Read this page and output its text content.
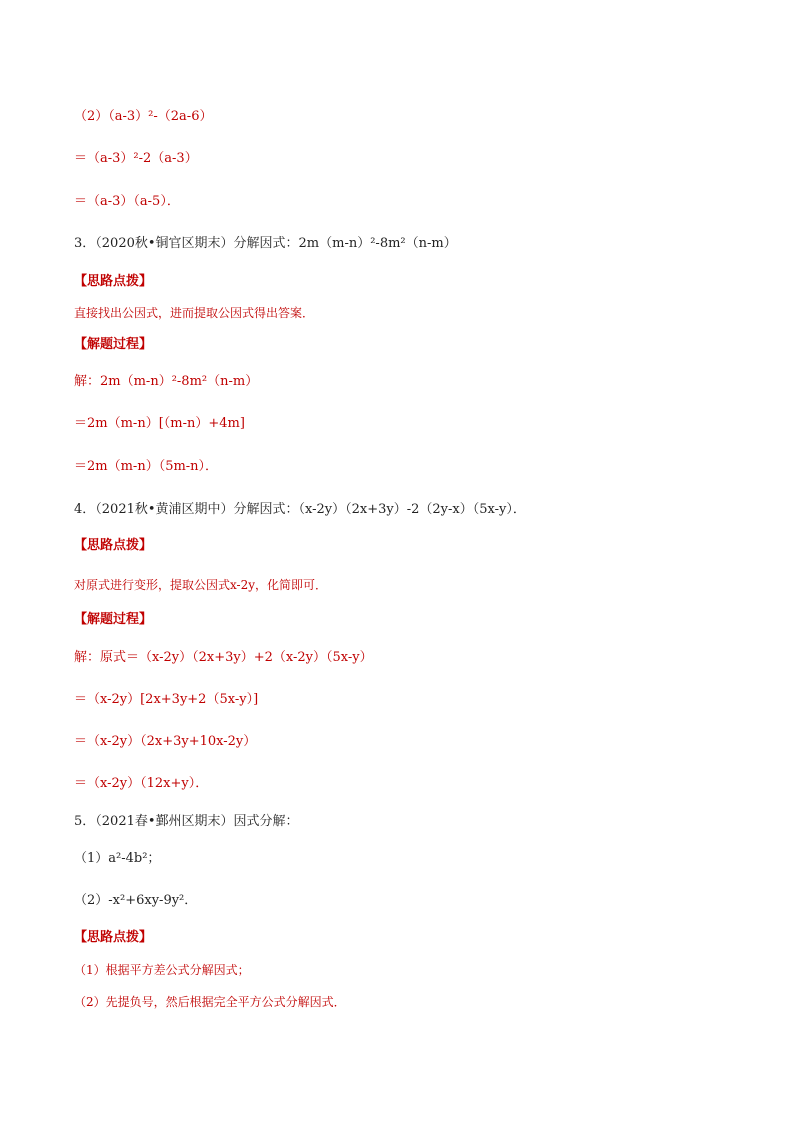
（2）（a-3）²-（2a-6）
＝（a-3）²-2（a-3）
＝（a-3）（a-5）．
3．（2020秋•铜官区期末）分解因式：2m（m-n）²-8m²（n-m）
【思路点拨】
直接找出公因式，进而提取公因式得出答案．
【解题过程】
解：2m（m-n）²-8m²（n-m）
＝2m（m-n）[（m-n）+4m]
＝2m（m-n）（5m-n）．
4．（2021秋•黄浦区期中）分解因式：（x-2y）（2x+3y）-2（2y-x）（5x-y）．
【思路点拨】
对原式进行变形，提取公因式x-2y，化简即可．
【解题过程】
解：原式＝（x-2y）（2x+3y）+2（x-2y）（5x-y）
＝（x-2y）[2x+3y+2（5x-y）]
＝（x-2y）（2x+3y+10x-2y）
＝（x-2y）（12x+y）．
5．（2021春•鄞州区期末）因式分解：
（1）a²-4b²；
（2）-x²+6xy-9y²．
【思路点拨】
（1）根据平方差公式分解因式；
（2）先提负号，然后根据完全平方公式分解因式．
